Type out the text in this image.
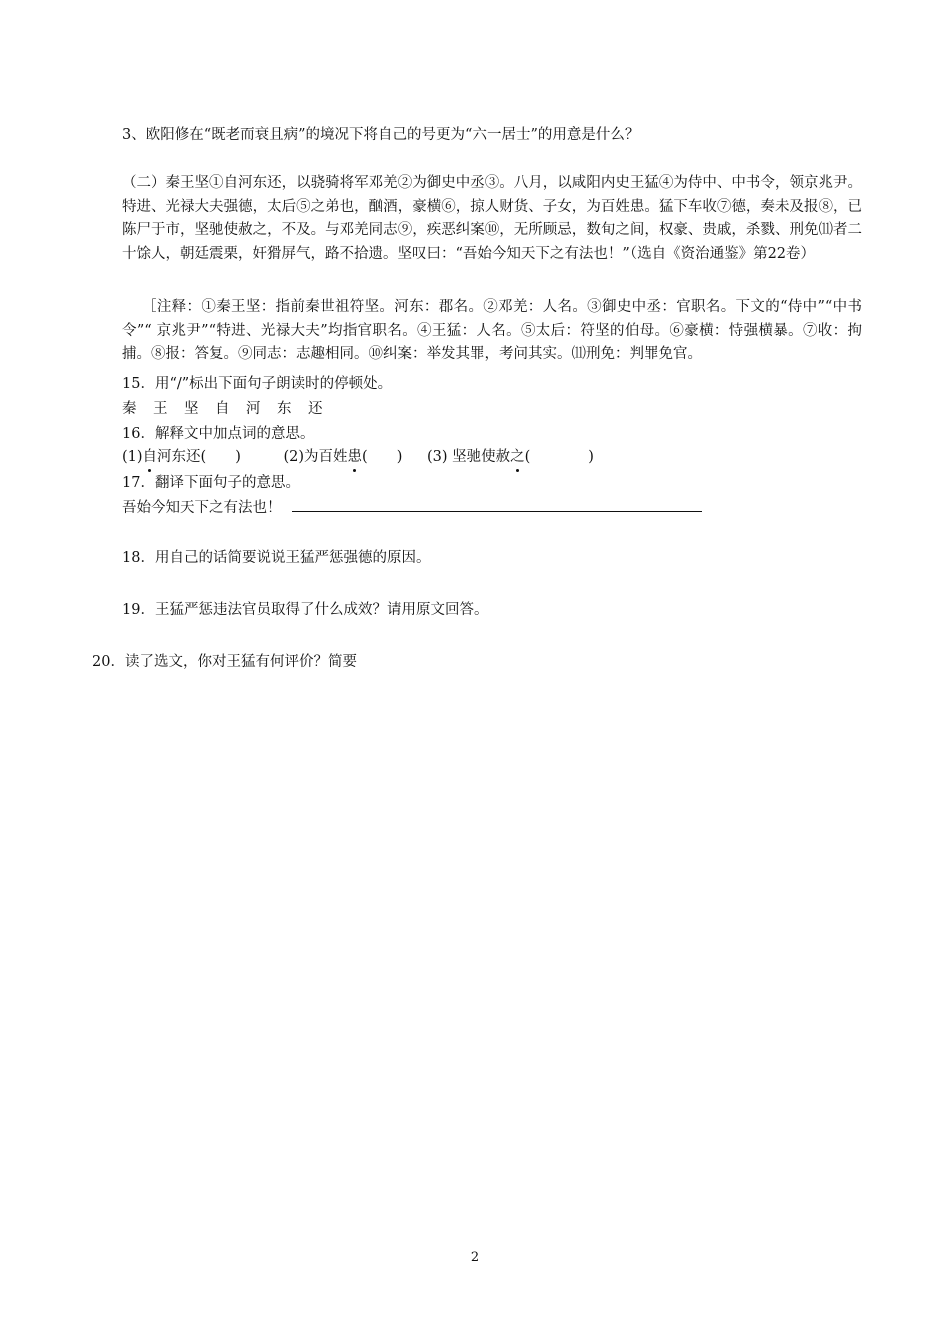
3、欧阳修在“既老而衰且病”的境况下将自己的号更为“六一居士”的用意是什么？
（二）秦王坚①自河东还，以骁骑将军邓羌②为御史中丞③。八月，以咸阳内史王猛④为侍中、中书令，领京兆尹。特进、光禄大夫强德，太后⑤之弟也，酗酒，豪横⑥，掠人财货、子女，为百姓患。猛下车收⑦德，奏未及报⑧，已陈尸于市，坚驰使赦之，不及。与邓羌同志⑨，疾恶纠案⑩，无所顾忌，数旬之间，权豪、贵戚，杀戮、刑免⑾者二十馀人，朝廷震栗，奸猾屏气，路不拾遗。坚叹曰：“吾始今知天下之有法也！”（选自《资治通鉴》第22卷）
［注释：①秦王坚：指前秦世祖符坚。河东：郡名。②邓羌：人名。③御史中丞：官职名。下文的“侍中”“中书令”“ 京兆尹”“特进、光禄大夫”均指官职名。④王猛：人名。⑤太后：符坚的伯母。⑥豪横：恃强横暴。⑦收：拘捕。⑧报：答复。⑨同志：志趣相同。⑩纠案：举发其罪，考问其实。⑾刑免：判罪免官。
15．用“/”标出下面句子朗读时的停顿处。
秦 王 坚 自 河 东 还
16．解释文中加点词的意思。
(1)自河东还(　　)	(2)为百姓患(　　) (3) 坚驰使赦之(　　　　)
17．翻译下面句子的意思。
吾始今知天下之有法也！
18．用自己的话简要说说王猛严惩强德的原因。
19．王猛严惩违法官员取得了什么成效？请用原文回答。
20．读了选文，你对王猛有何评价？简要
2
